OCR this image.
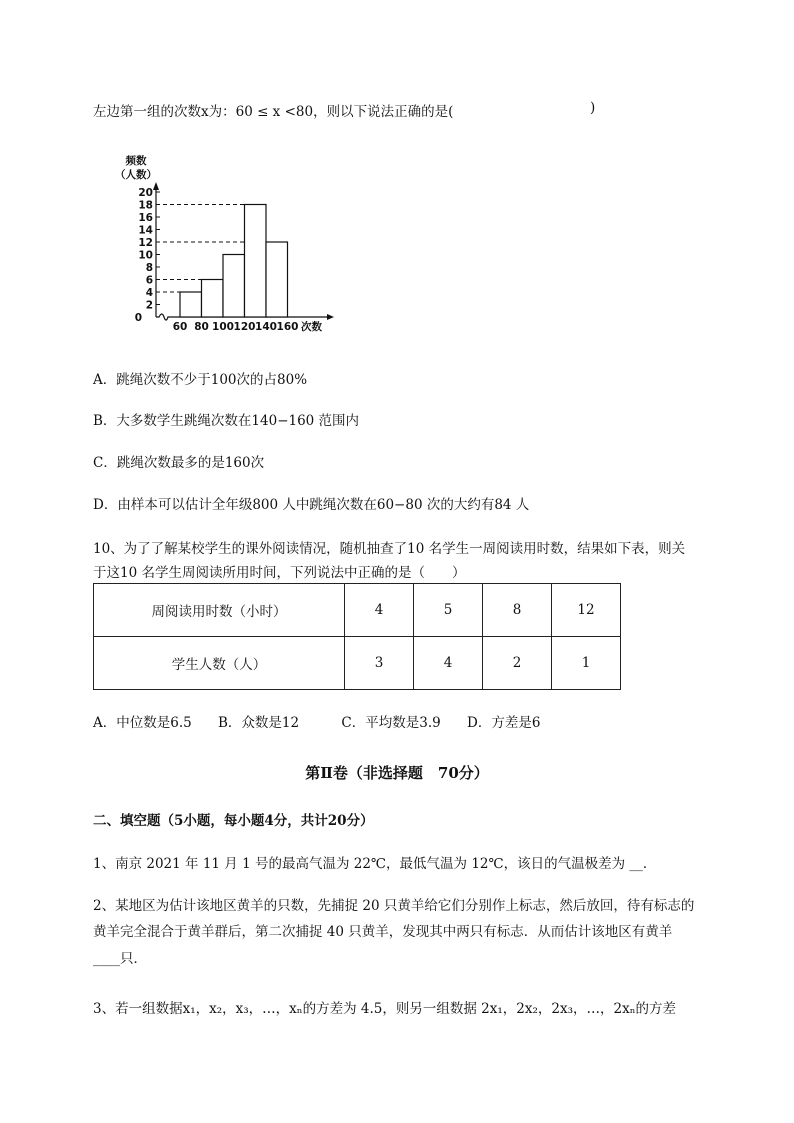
左边第一组的次数x为：60 ≤ x <80，则以下说法正确的是(	)
20
18
16
14
12
10
8
6
4
2
0
频数
（人数）
60 80 100 120 140 160 次数
A．跳绳次数不少于100次的占80%
B．大多数学生跳绳次数在140−160 范围内
C．跳绳次数最多的是160次
D．由样本可以估计全年级800 人中跳绳次数在60−80 次的大约有84 人
10、为了了解某校学生的课外阅读情况，随机抽查了10 名学生一周阅读用时数，结果如下表，则关
于这10 名学生周阅读所用时间，下列说法中正确的是（　　）
周阅读用时数（小时）	4	5	8	12
学生人数（人）	3	4	2	1
A．中位数是6.5 B．众数是12	C．平均数是3.9 D．方差是6
第Ⅱ卷（非选择题　70分）
二、填空题（5小题，每小题4分，共计20分）
1、南京 2021 年 11 月 1 号的最高气温为 22℃，最低气温为 12℃，该日的气温极差为 __．
2、某地区为估计该地区黄羊的只数，先捕捉 20 只黄羊给它们分别作上标志，然后放回，待有标志的
黄羊完全混合于黄羊群后，第二次捕捉 40 只黄羊，发现其中两只有标志．从而估计该地区有黄羊
____只．
3、若一组数据x₁，x₂，x₃，…，xₙ的方差为 4.5，则另一组数据 2x₁，2x₂，2x₃，…，2xₙ的方差
